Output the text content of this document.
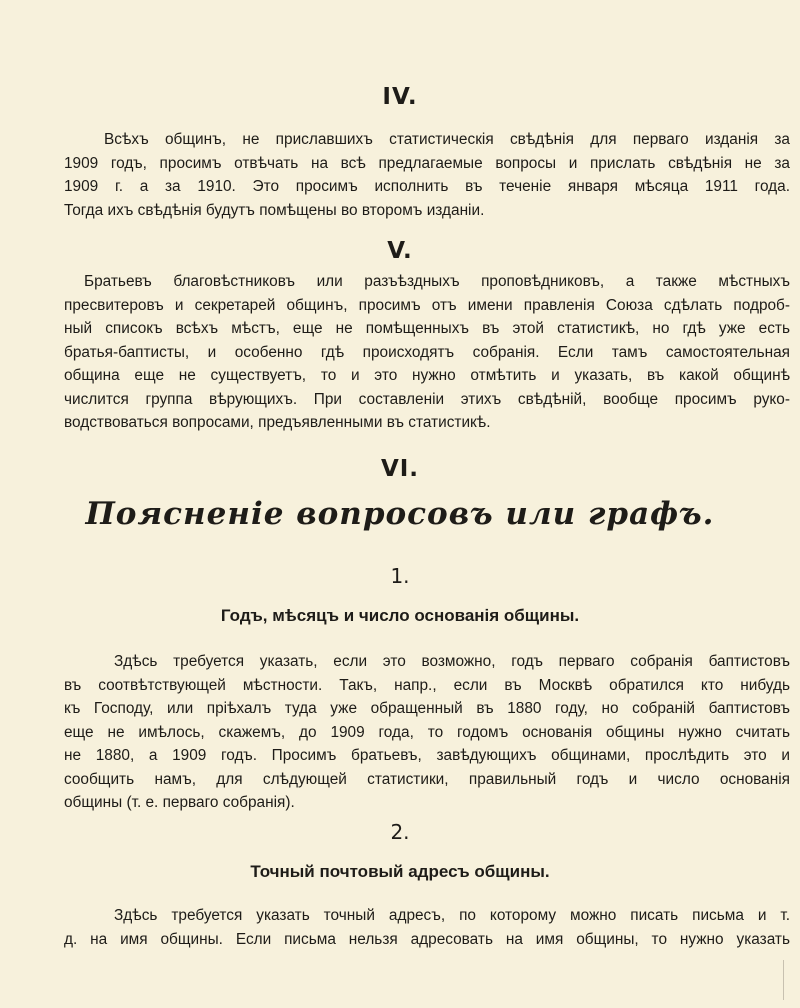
IV.
Всѣхъ общинъ, не приславшихъ статистическія свѣдѣнія для перваго изданія за
1909 годъ, просимъ отвѣчать на всѣ предлагаемые вопросы и прислать свѣдѣнія не за
1909 г. а за 1910. Это просимъ исполнить въ теченіе января мѣсяца 1911 года.
Тогда ихъ свѣдѣнія будутъ помѣщены во второмъ изданіи.
V.
Братьевъ благовѣстниковъ или разъѣздныхъ проповѣдниковъ, а также мѣстныхъ
пресвитеровъ и секретарей общинъ, просимъ отъ имени правленія Союза сдѣлать подроб-
ный списокъ всѣхъ мѣстъ, еще не помѣщенныхъ въ этой статистикѣ, но гдѣ уже есть
братья-баптисты, и особенно гдѣ происходятъ собранія. Если тамъ самостоятельная
община еще не существуетъ, то и это нужно отмѣтить и указать, въ какой общинѣ
числится группа вѣрующихъ. При составленіи этихъ свѣдѣній, вообще просимъ руко-
водствоваться вопросами, предъявленными въ статистикѣ.
VI.
Поясненіе вопросовъ или графъ.
1.
Годъ, мѣсяцъ и число основанія общины.
Здѣсь требуется указать, если это возможно, годъ перваго собранія баптистовъ
въ соотвѣтствующей мѣстности. Такъ, напр., если въ Москвѣ обратился кто нибудь
къ Господу, или пріѣхалъ туда уже обращенный въ 1880 году, но собраній баптистовъ
еще не имѣлось, скажемъ, до 1909 года, то годомъ основанія общины нужно считать
не 1880, а 1909 годъ. Просимъ братьевъ, завѣдующихъ общинами, прослѣдить это и
сообщить намъ, для слѣдующей статистики, правильный годъ и число основанія
общины (т. е. перваго собранія).
2.
Точный почтовый адресъ общины.
Здѣсь требуется указать точный адресъ, по которому можно писать письма и т.
д. на имя общины. Если письма нельзя адресовать на имя общины, то нужно указать
